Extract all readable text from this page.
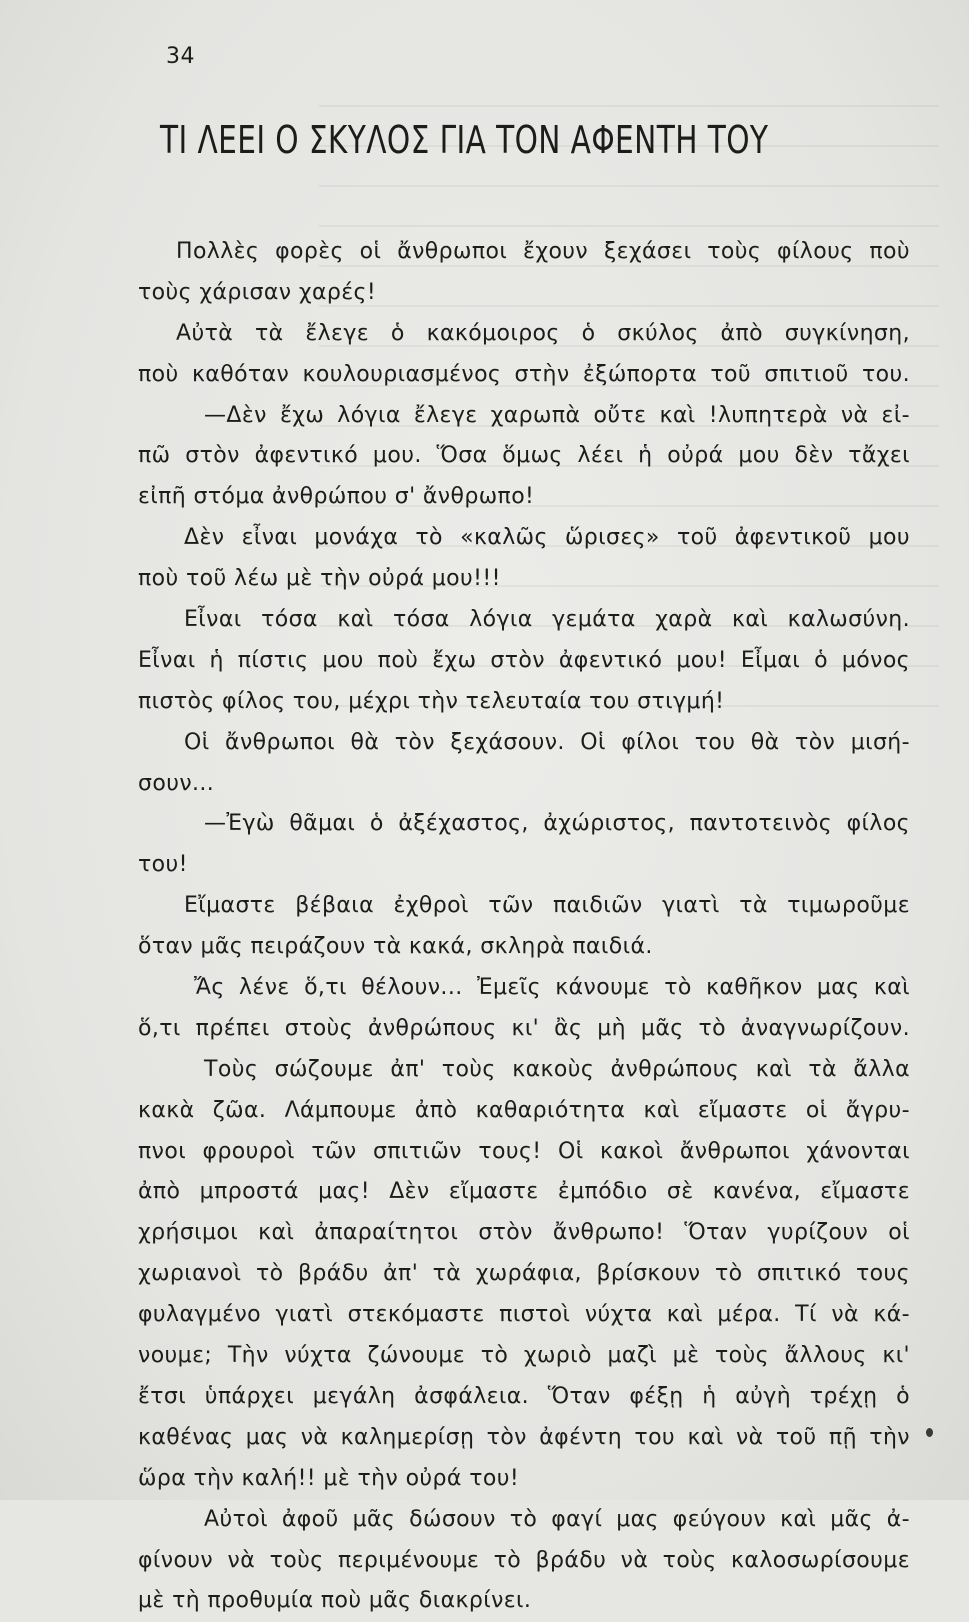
34
ΤΙ ΛΕΕΙ Ο ΣΚΥΛΟΣ ΓΙΑ ΤΟΝ ΑΦΕΝΤΗ ΤΟΥ
Πολλὲς φορὲς οἱ ἄνθρωποι ἔχουν ξεχάσει τοὺς φίλους ποὺ
τοὺς χάρισαν χαρές!
Αὐτὰ τὰ ἔλεγε ὁ κακόμοιρος ὁ σκύλος ἀπὸ συγκίνηση,
ποὺ καθόταν κουλουριασμένος στὴν ἐξώπορτα τοῦ σπιτιοῦ του.
—Δὲν ἔχω λόγια ἔλεγε χαρωπὰ οὔτε καὶ !λυπητερὰ νὰ εἰ-
πῶ στὸν ἀφεντικό μου. Ὅσα ὅμως λέει ἡ οὐρά μου δὲν τἄχει
εἰπῆ στόμα ἀνθρώπου σ' ἄνθρωπο!
Δὲν εἶναι μονάχα τὸ «καλῶς ὥρισες» τοῦ ἀφεντικοῦ μου
ποὺ τοῦ λέω μὲ τὴν οὐρά μου!!!
Εἶναι τόσα καὶ τόσα λόγια γεμάτα χαρὰ καὶ καλωσύνη.
Εἶναι ἡ πίστις μου ποὺ ἔχω στὸν ἀφεντικό μου! Εἶμαι ὁ μόνος
πιστὸς φίλος του, μέχρι τὴν τελευταία του στιγμή!
Οἱ ἄνθρωποι θὰ τὸν ξεχάσουν. Οἱ φίλοι του θὰ τὸν μισή-
σουν...
—Ἐγὼ θᾶμαι ὁ ἀξέχαστος, ἀχώριστος, παντοτεινὸς φίλος
του!
Εἴμαστε βέβαια ἐχθροὶ τῶν παιδιῶν γιατὶ τὰ τιμωροῦμε
ὅταν μᾶς πειράζουν τὰ κακά, σκληρὰ παιδιά.
Ἄς λένε ὅ,τι θέλουν... Ἐμεῖς κάνουμε τὸ καθῆκον μας καὶ
ὅ,τι πρέπει στοὺς ἀνθρώπους κι' ἂς μὴ μᾶς τὸ ἀναγνωρίζουν.
Τοὺς σώζουμε ἀπ' τοὺς κακοὺς ἀνθρώπους καὶ τὰ ἄλλα
κακὰ ζῶα. Λάμπουμε ἀπὸ καθαριότητα καὶ εἴμαστε οἱ ἄγρυ-
πνοι φρουροὶ τῶν σπιτιῶν τους! Οἱ κακοὶ ἄνθρωποι χάνονται
ἀπὸ μπροστά μας! Δὲν εἴμαστε ἐμπόδιο σὲ κανένα, εἴμαστε
χρήσιμοι καὶ ἀπαραίτητοι στὸν ἄνθρωπο! Ὅταν γυρίζουν οἱ
χωριανοὶ τὸ βράδυ ἀπ' τὰ χωράφια, βρίσκουν τὸ σπιτικό τους
φυλαγμένο γιατὶ στεκόμαστε πιστοὶ νύχτα καὶ μέρα. Τί νὰ κά-
νουμε; Τὴν νύχτα ζώνουμε τὸ χωριὸ μαζὶ μὲ τοὺς ἄλλους κι'
ἔτσι ὑπάρχει μεγάλη ἀσφάλεια. Ὅταν φέξῃ ἡ αὐγὴ τρέχῃ ὁ
καθένας μας νὰ καλημερίσῃ τὸν ἀφέντη του καὶ νὰ τοῦ πῇ τὴν
ὥρα τὴν καλή!! μὲ τὴν οὐρά του!
Αὐτοὶ ἀφοῦ μᾶς δώσουν τὸ φαγί μας φεύγουν καὶ μᾶς ἀ-
φίνουν νὰ τοὺς περιμένουμε τὸ βράδυ νὰ τοὺς καλοσωρίσουμε
μὲ τὴ προθυμία ποὺ μᾶς διακρίνει.
